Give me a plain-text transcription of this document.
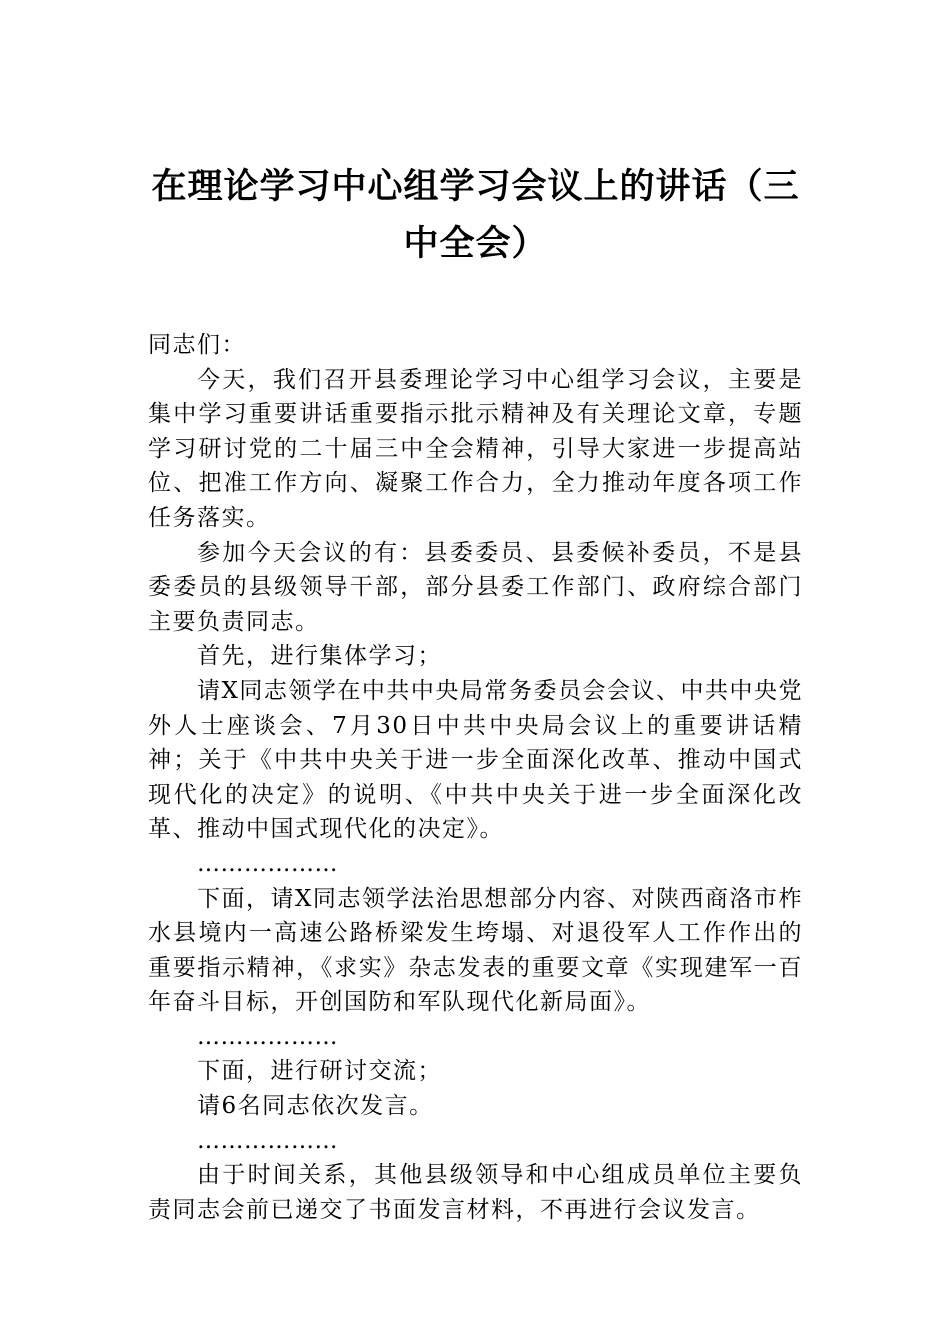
在理论学习中心组学习会议上的讲话（三中全会）

同志们：

今天，我们召开县委理论学习中心组学习会议，主要是集中学习重要讲话重要指示批示精神及有关理论文章，专题学习研讨党的二十届三中全会精神，引导大家进一步提高站位、把准工作方向、凝聚工作合力，全力推动年度各项工作任务落实。

参加今天会议的有：县委委员、县委候补委员，不是县委委员的县级领导干部，部分县委工作部门、政府综合部门主要负责同志。

首先，进行集体学习；

请X同志领学在中共中央局常务委员会会议、中共中央党外人士座谈会、7月30日中共中央局会议上的重要讲话精神；关于《中共中央关于进一步全面深化改革、推动中国式现代化的决定》的说明、《中共中央关于进一步全面深化改革、推动中国式现代化的决定》。

………………

下面，请X同志领学法治思想部分内容、对陕西商洛市柞水县境内一高速公路桥梁发生垮塌、对退役军人工作作出的重要指示精神，《求实》杂志发表的重要文章《实现建军一百年奋斗目标，开创国防和军队现代化新局面》。

………………

下面，进行研讨交流；

请6名同志依次发言。

………………

由于时间关系，其他县级领导和中心组成员单位主要负责同志会前已递交了书面发言材料，不再进行会议发言。
